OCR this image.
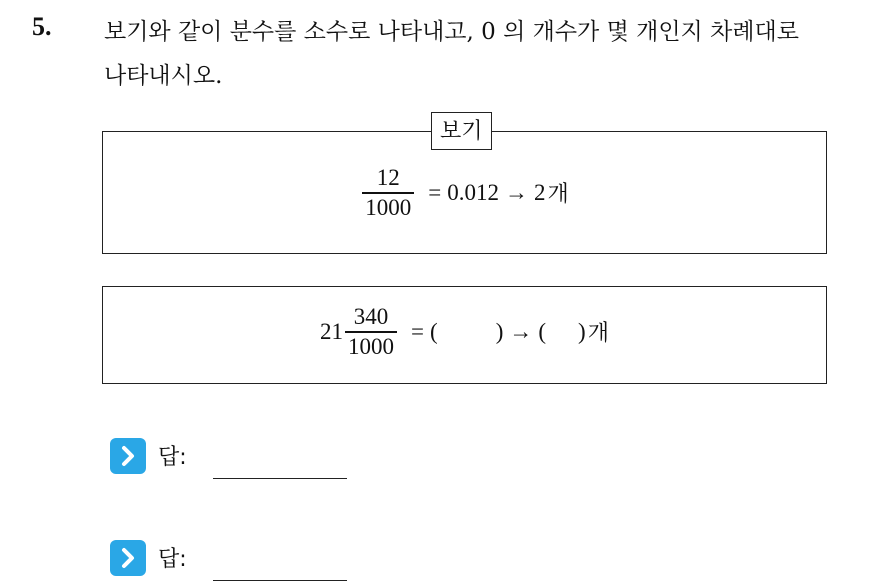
5. 보기와 같이 분수를 소수로 나타내고, 0 의 개수가 몇 개인지 차례대로
나타내시오.
보기
$\frac{12}{1000} = 0.012 \to 2$ 개
$21 \frac{340}{1000}$ = (	) → ( ) 개
답:
답:
